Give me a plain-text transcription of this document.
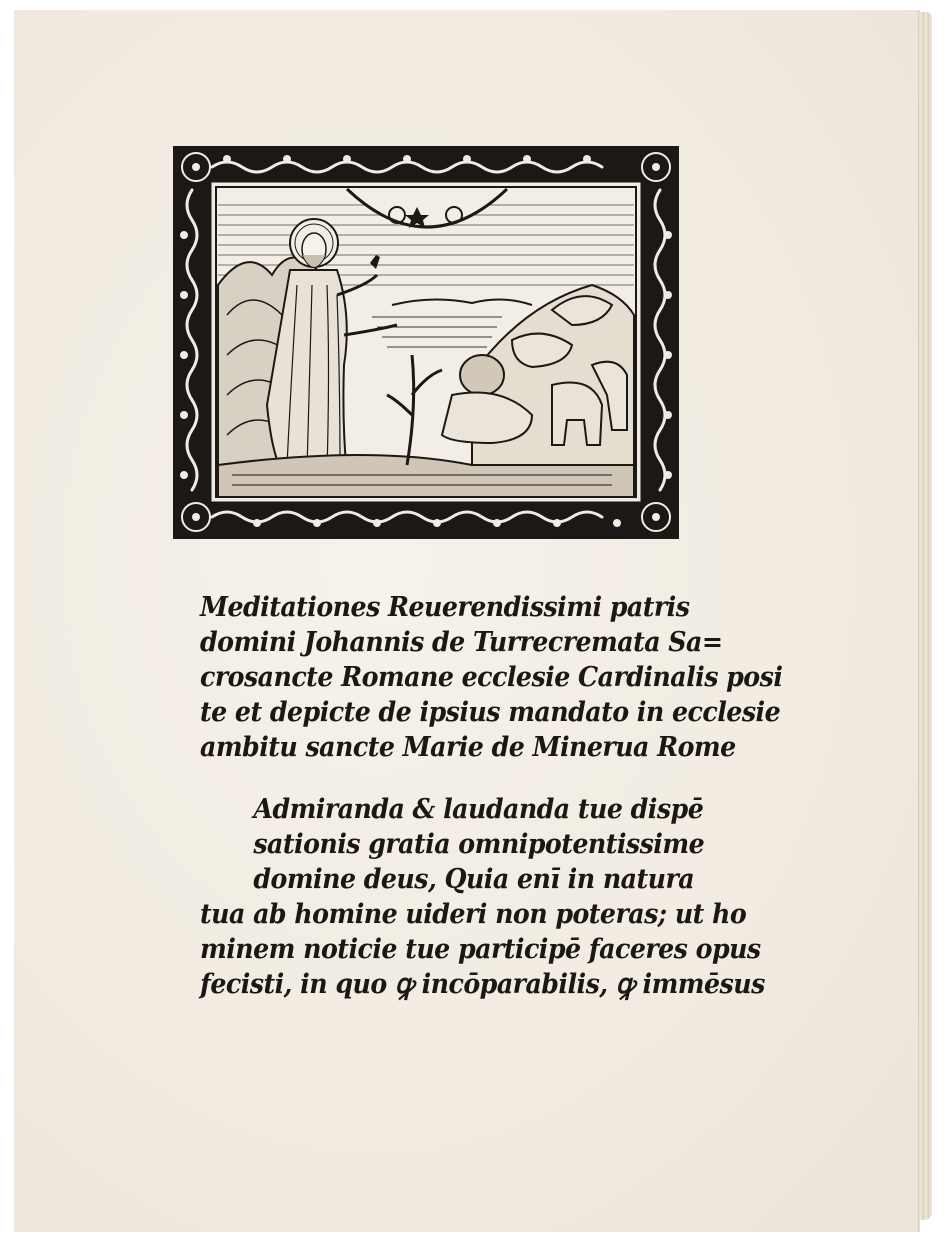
Meditationes Reuerendissimi patris
domini Johannis de Turrecremata Sa=
crosancte Romane ecclesie Cardinalis posi
te et depicte de ipsius mandato in ecclesie
ambitu sancte Marie de Minerua Rome
Admiranda & laudanda tue dispē
sationis gratia omnipotentissime
domine deus, Quia enī in natura
tua ab homine uideri non poteras; ut ho
minem noticie tue participē faceres opus
fecisti, in quo ꝙ incōparabilis, ꝙ immēsus
